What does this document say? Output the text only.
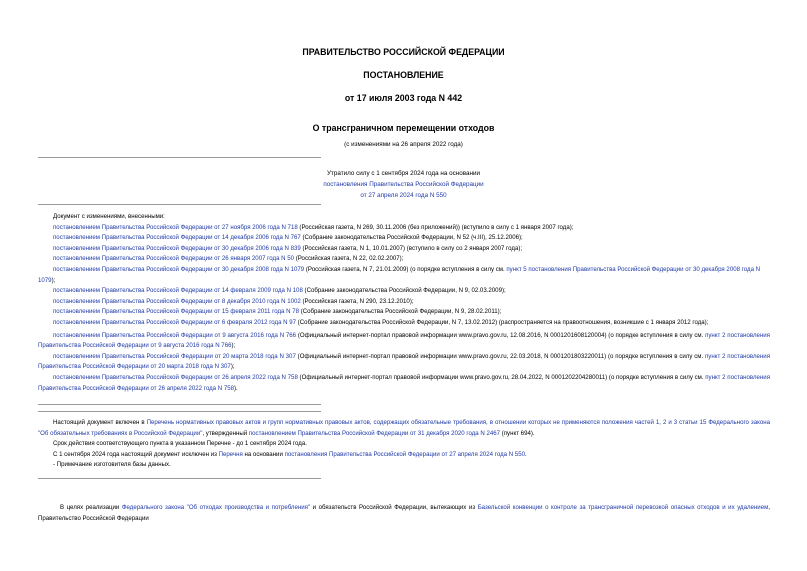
ПРАВИТЕЛЬСТВО РОССИЙСКОЙ ФЕДЕРАЦИИ
ПОСТАНОВЛЕНИЕ
от 17 июля 2003 года N 442
О трансграничном перемещении отходов
(с изменениями на 26 апреля 2022 года)
Утратило силу с 1 сентября 2024 года на основании
постановления Правительства Российской Федерации
от 27 апреля 2024 года N 550

Документ с изменениями, внесенными:

постановлением Правительства Российской Федерации от 27 ноября 2006 года N 718 (Российская газета, N 269, 30.11.2006 (без приложений)) (вступило в силу с 1 января 2007 года);

постановлением Правительства Российской Федерации от 14 декабря 2006 года N 767 (Собрание законодательства Российской Федерации, N 52 (ч.III), 25.12.2006);

постановлением Правительства Российской Федерации от 30 декабря 2006 года N 839 (Российская газета, N 1, 10.01.2007) (вступило в силу со 2 января 2007 года);

постановлением Правительства Российской Федерации от 26 января 2007 года N 50 (Российская газета, N 22, 02.02.2007);

постановлением Правительства Российской Федерации от 30 декабря 2008 года N 1079 (Российская газета, N 7, 21.01.2009) (о порядке вступления в силу см. пункт 5 постановления Правительства Российской Федерации от 30 декабря 2008 года N 1079);

постановлением Правительства Российской Федерации от 14 февраля 2009 года N 108 (Собрание законодательства Российской Федерации, N 9, 02.03.2009);

постановлением Правительства Российской Федерации от 8 декабря 2010 года N 1002 (Российская газета, N 290, 23.12.2010);

постановлением Правительства Российской Федерации от 15 февраля 2011 года N 78 (Собрание законодательства Российской Федерации, N 9, 28.02.2011);

постановлением Правительства Российской Федерации от 6 февраля 2012 года N 97 (Собрание законодательства Российской Федерации, N 7, 13.02.2012) (распространяется на правоотношения, возникшие с 1 января 2012 года);

постановлением Правительства Российской Федерации от 9 августа 2016 года N 766 (Официальный интернет-портал правовой информации www.pravo.gov.ru, 12.08.2016, N 0001201608120004) (о порядке вступления в силу см. пункт 2 постановления Правительства Российской Федерации от 9 августа 2016 года N 766);

постановлением Правительства Российской Федерации от 20 марта 2018 года N 307 (Официальный интернет-портал правовой информации www.pravo.gov.ru, 22.03.2018, N 0001201803220011) (о порядке вступления в силу см. пункт 2 постановления Правительства Российской Федерации от 20 марта 2018 года N 307);

постановлением Правительства Российской Федерации от 26 апреля 2022 года N 758 (Официальный интернет-портал правовой информации www.pravo.gov.ru, 28.04.2022, N 0001202204280011) (о порядке вступления в силу см. пункт 2 постановления Правительства Российской Федерации от 26 апреля 2022 года N 758).

Настоящий документ включен в Перечень нормативных правовых актов и групп нормативных правовых актов, содержащих обязательные требования, в отношении которых не применяются положения частей 1, 2 и 3 статьи 15 Федерального закона "Об обязательных требованиях в Российской Федерации", утвержденный постановлением Правительства Российской Федерации от 31 декабря 2020 года N 2467 (пункт 694).

Срок действия соответствующего пункта в указанном Перечне - до 1 сентября 2024 года.

С 1 сентября 2024 года настоящий документ исключен из Перечня на основании постановления Правительства Российской Федерации от 27 апреля 2024 года N 550.

- Примечание изготовителя базы данных.

В целях реализации Федерального закона "Об отходах производства и потребления" и обязательств Российской Федерации, вытекающих из Базельской конвенции о контроле за трансграничной перевозкой опасных отходов и их удалением, Правительство Российской Федерации
